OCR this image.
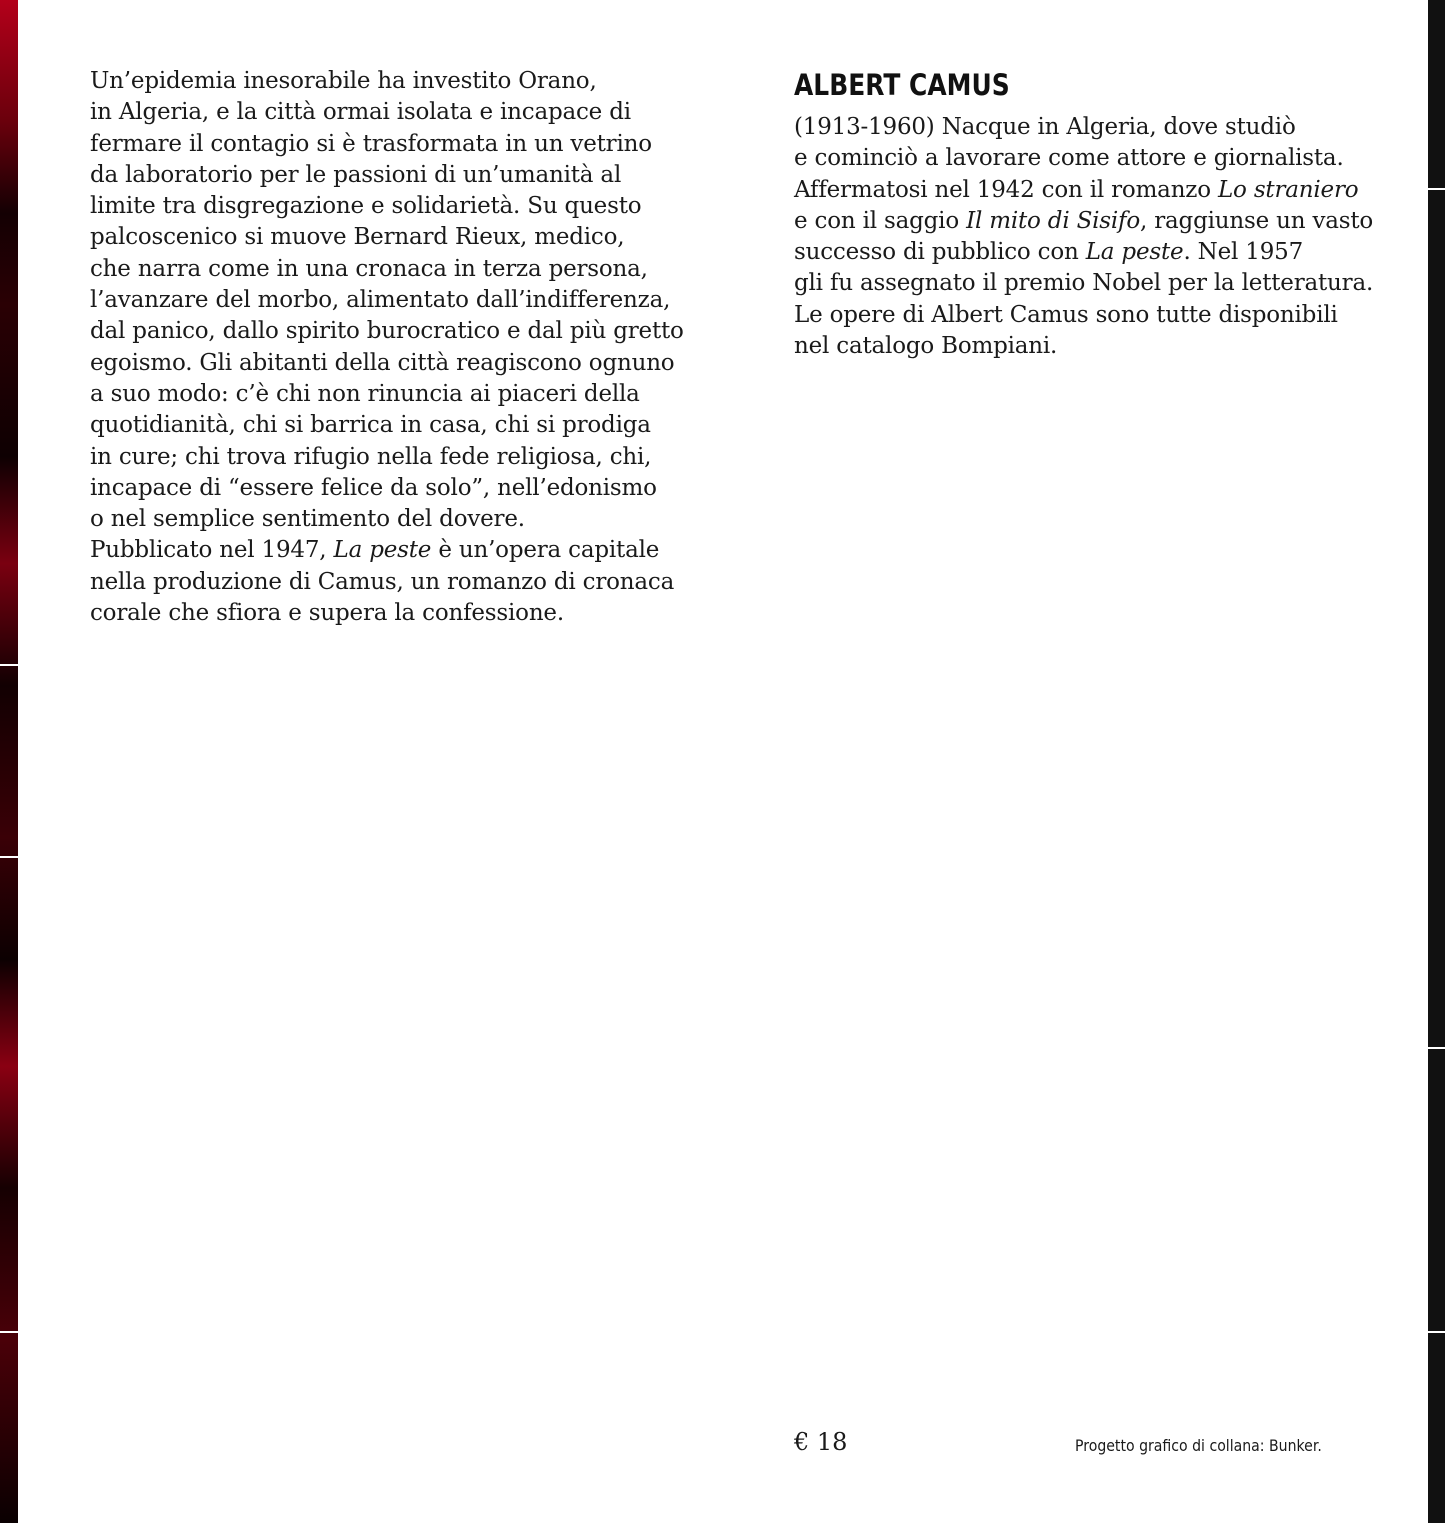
Un’epidemia inesorabile ha investito Orano,
in Algeria, e la città ormai isolata e incapace di
fermare il contagio si è trasformata in un vetrino
da laboratorio per le passioni di un’umanità al
limite tra disgregazione e solidarietà. Su questo
palcoscenico si muove Bernard Rieux, medico,
che narra come in una cronaca in terza persona,
l’avanzare del morbo, alimentato dall’indifferenza,
dal panico, dallo spirito burocratico e dal più gretto
egoismo. Gli abitanti della città reagiscono ognuno
a suo modo: c’è chi non rinuncia ai piaceri della
quotidianità, chi si barrica in casa, chi si prodiga
in cure; chi trova rifugio nella fede religiosa, chi,
incapace di “essere felice da solo”, nell’edonismo
o nel semplice sentimento del dovere.
Pubblicato nel 1947, La peste è un’opera capitale
nella produzione di Camus, un romanzo di cronaca
corale che sfiora e supera la confessione.
ALBERT CAMUS
(1913-1960) Nacque in Algeria, dove studiò
e cominciò a lavorare come attore e giornalista.
Affermatosi nel 1942 con il romanzo Lo straniero
e con il saggio Il mito di Sisifo, raggiunse un vasto
successo di pubblico con La peste. Nel 1957
gli fu assegnato il premio Nobel per la letteratura.
Le opere di Albert Camus sono tutte disponibili
nel catalogo Bompiani.
€ 18	Progetto grafico di collana: Bunker.
